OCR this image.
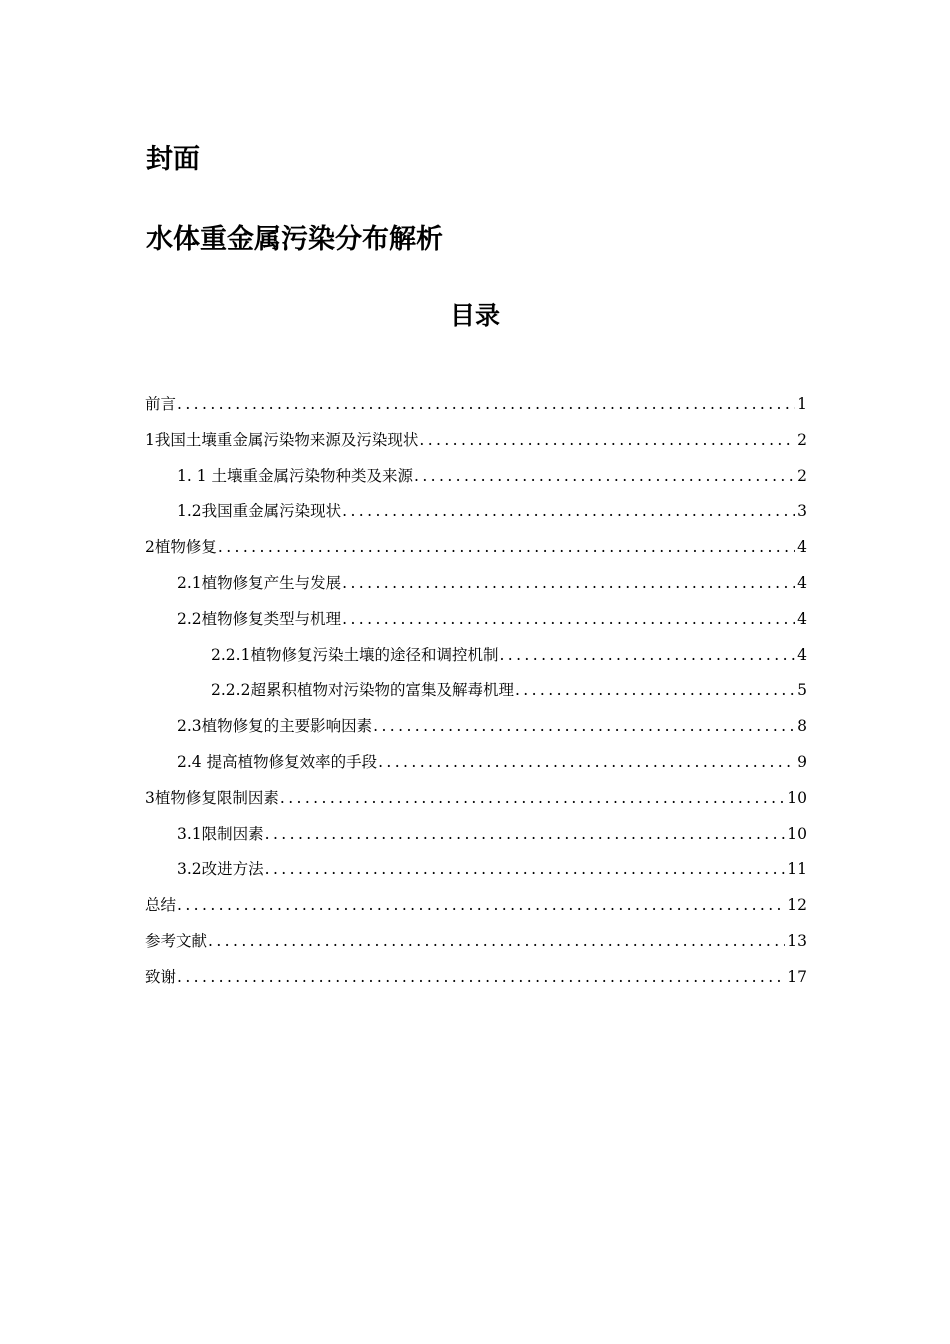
封面
水体重金属污染分布解析
目录
前言 .....	1
1我国土壤重金属污染物来源及污染现状 .....	2
1. 1 土壤重金属污染物种类及来源 .....	2
1.2我国重金属污染现状 .....	3
2植物修复 .....	4
2.1植物修复产生与发展 .....	4
2.2植物修复类型与机理 .....	4
2.2.1植物修复污染土壤的途径和调控机制 .....	4
2.2.2超累积植物对污染物的富集及解毒机理 .....	5
2.3植物修复的主要影响因素 .....	8
2.4 提高植物修复效率的手段 .....	9
3植物修复限制因素 .....	10
3.1限制因素 .....	10
3.2改进方法 .....	11
总结 .....	12
参考文献 .....	13
致谢 .....	17
